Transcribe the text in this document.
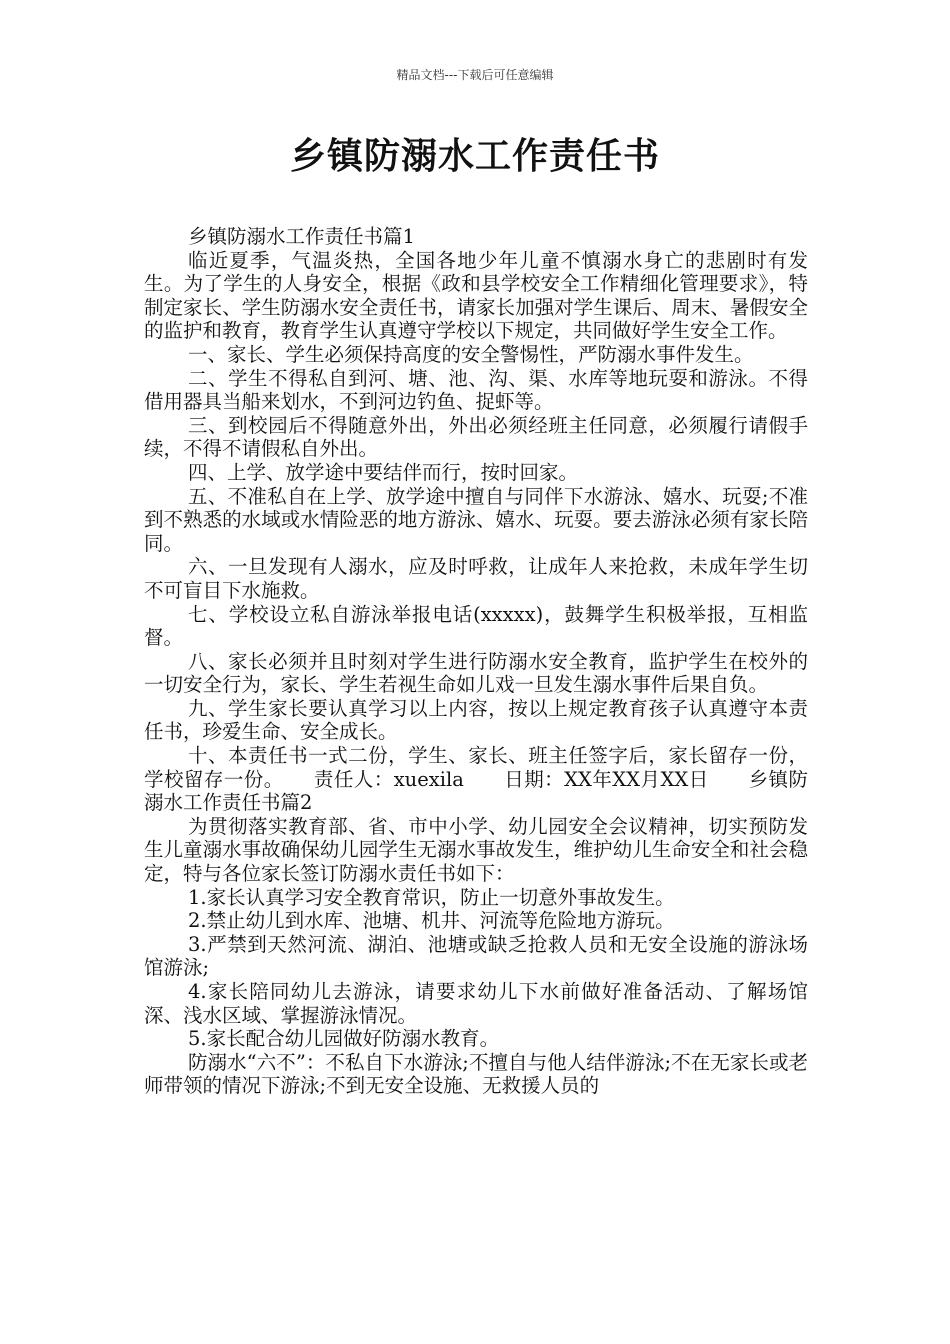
精品文档---下载后可任意编辑
乡镇防溺水工作责任书

乡镇防溺水工作责任书篇1

临近夏季，气温炎热，全国各地少年儿童不慎溺水身亡的悲剧时有发生。为了学生的人身安全，根据《政和县学校安全工作精细化管理要求》，特制定家长、学生防溺水安全责任书，请家长加强对学生课后、周末、暑假安全的监护和教育，教育学生认真遵守学校以下规定，共同做好学生安全工作。

一、家长、学生必须保持高度的安全警惕性，严防溺水事件发生。

二、学生不得私自到河、塘、池、沟、渠、水库等地玩耍和游泳。不得借用器具当船来划水，不到河边钓鱼、捉虾等。

三、到校园后不得随意外出，外出必须经班主任同意，必须履行请假手续，不得不请假私自外出。

四、上学、放学途中要结伴而行，按时回家。

五、不准私自在上学、放学途中擅自与同伴下水游泳、嬉水、玩耍;不准到不熟悉的水域或水情险恶的地方游泳、嬉水、玩耍。要去游泳必须有家长陪同。

六、一旦发现有人溺水，应及时呼救，让成年人来抢救，未成年学生切不可盲目下水施救。

七、学校设立私自游泳举报电话(xxxxx)，鼓舞学生积极举报，互相监督。

八、家长必须并且时刻对学生进行防溺水安全教育，监护学生在校外的一切安全行为，家长、学生若视生命如儿戏一旦发生溺水事件后果自负。

九、学生家长要认真学习以上内容，按以上规定教育孩子认真遵守本责任书，珍爱生命、安全成长。

十、本责任书一式二份，学生、家长、班主任签字后，家长留存一份，学校留存一份。　　责任人：xuexila　　日期：XX年XX月XX日　　乡镇防溺水工作责任书篇2

为贯彻落实教育部、省、市中小学、幼儿园安全会议精神，切实预防发生儿童溺水事故确保幼儿园学生无溺水事故发生，维护幼儿生命安全和社会稳定，特与各位家长签订防溺水责任书如下：

1.家长认真学习安全教育常识，防止一切意外事故发生。

2.禁止幼儿到水库、池塘、机井、河流等危险地方游玩。

3.严禁到天然河流、湖泊、池塘或缺乏抢救人员和无安全设施的游泳场馆游泳;

4.家长陪同幼儿去游泳，请要求幼儿下水前做好准备活动、了解场馆深、浅水区域、掌握游泳情况。

5.家长配合幼儿园做好防溺水教育。

防溺水“六不”：不私自下水游泳;不擅自与他人结伴游泳;不在无家长或老师带领的情况下游泳;不到无安全设施、无救援人员的
